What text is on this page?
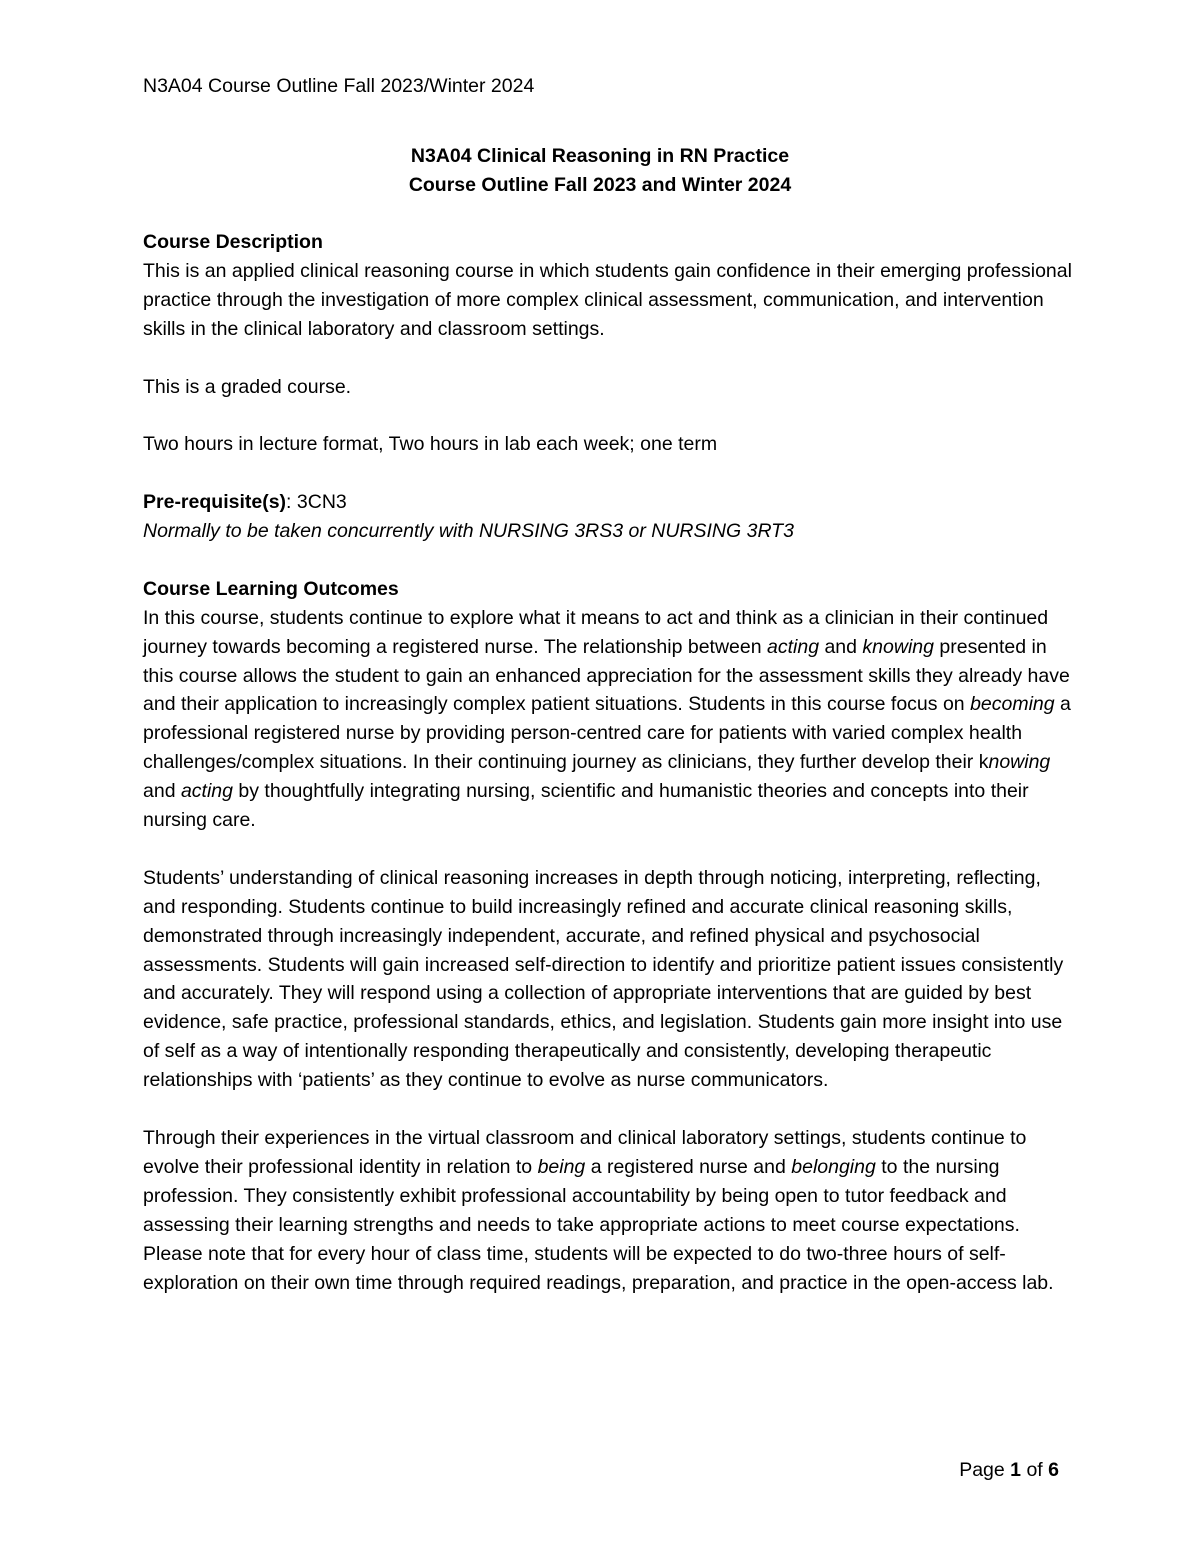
N3A04 Course Outline Fall 2023/Winter 2024
N3A04 Clinical Reasoning in RN Practice
Course Outline Fall 2023 and Winter 2024

Course Description

This is an applied clinical reasoning course in which students gain confidence in their emerging professional practice through the investigation of more complex clinical assessment, communication, and intervention skills in the clinical laboratory and classroom settings.

This is a graded course.

Two hours in lecture format, Two hours in lab each week; one term

Pre-requisite(s): 3CN3

Normally to be taken concurrently with NURSING 3RS3 or NURSING 3RT3

Course Learning Outcomes

In this course, students continue to explore what it means to act and think as a clinician in their continued journey towards becoming a registered nurse. The relationship between acting and knowing presented in this course allows the student to gain an enhanced appreciation for the assessment skills they already have and their application to increasingly complex patient situations. Students in this course focus on becoming a professional registered nurse by providing person-centred care for patients with varied complex health challenges/complex situations. In their continuing journey as clinicians, they further develop their knowing and acting by thoughtfully integrating nursing, scientific and humanistic theories and concepts into their nursing care.

Students’ understanding of clinical reasoning increases in depth through noticing, interpreting, reflecting, and responding. Students continue to build increasingly refined and accurate clinical reasoning skills, demonstrated through increasingly independent, accurate, and refined physical and psychosocial assessments. Students will gain increased self-direction to identify and prioritize patient issues consistently and accurately. They will respond using a collection of appropriate interventions that are guided by best evidence, safe practice, professional standards, ethics, and legislation. Students gain more insight into use of self as a way of intentionally responding therapeutically and consistently, developing therapeutic relationships with ‘patients’ as they continue to evolve as nurse communicators.

Through their experiences in the virtual classroom and clinical laboratory settings, students continue to evolve their professional identity in relation to being a registered nurse and belonging to the nursing profession. They consistently exhibit professional accountability by being open to tutor feedback and assessing their learning strengths and needs to take appropriate actions to meet course expectations. Please note that for every hour of class time, students will be expected to do two-three hours of self-exploration on their own time through required readings, preparation, and practice in the open-access lab.

Page 1 of 6
